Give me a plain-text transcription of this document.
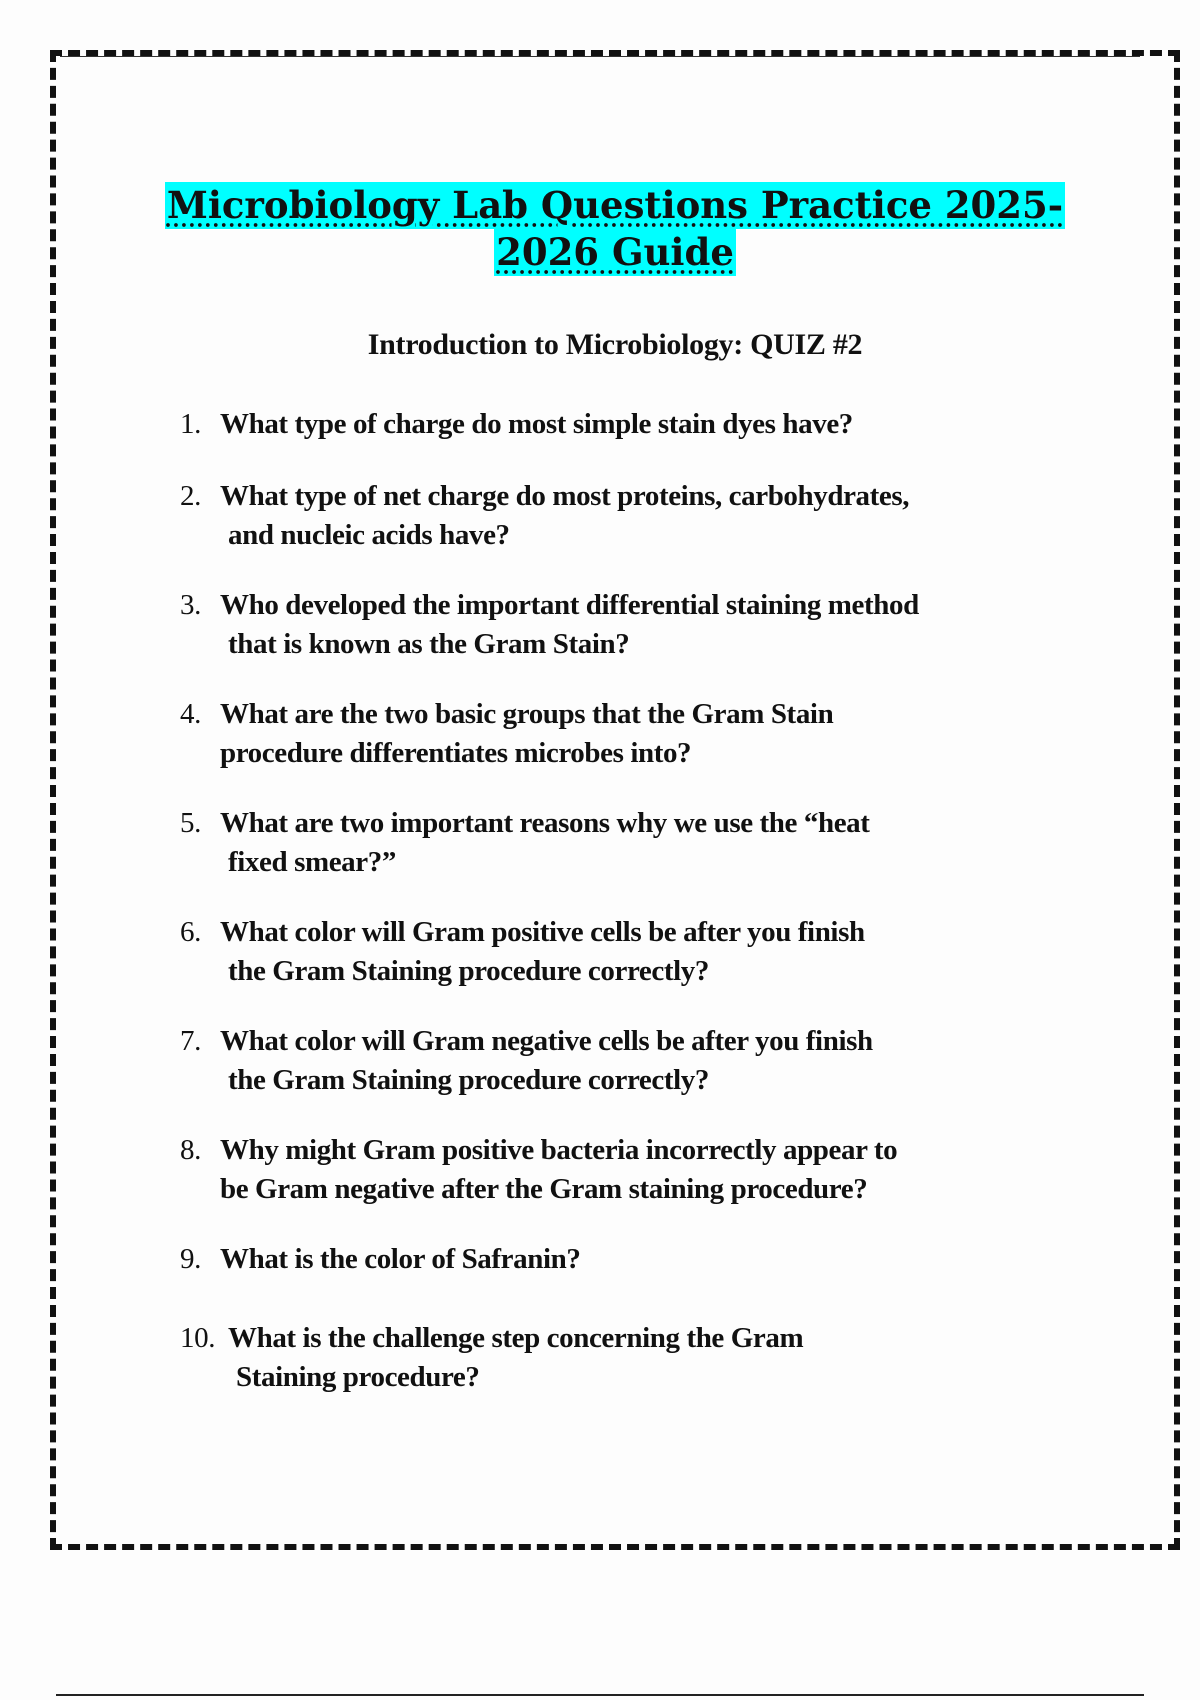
Microbiology Lab Questions Practice 2025-
2026 Guide
Introduction to Microbiology: QUIZ #2
1. What type of charge do most simple stain dyes have?
2. What type of net charge do most proteins, carbohydrates,
and nucleic acids have?
3. Who developed the important differential staining method
that is known as the Gram Stain?
4. What are the two basic groups that the Gram Stain
procedure differentiates microbes into?
5. What are two important reasons why we use the “heat
fixed smear?”
6. What color will Gram positive cells be after you finish
the Gram Staining procedure correctly?
7. What color will Gram negative cells be after you finish
the Gram Staining procedure correctly?
8. Why might Gram positive bacteria incorrectly appear to
be Gram negative after the Gram staining procedure?
9. What is the color of Safranin?
10. What is the challenge step concerning the Gram
Staining procedure?
